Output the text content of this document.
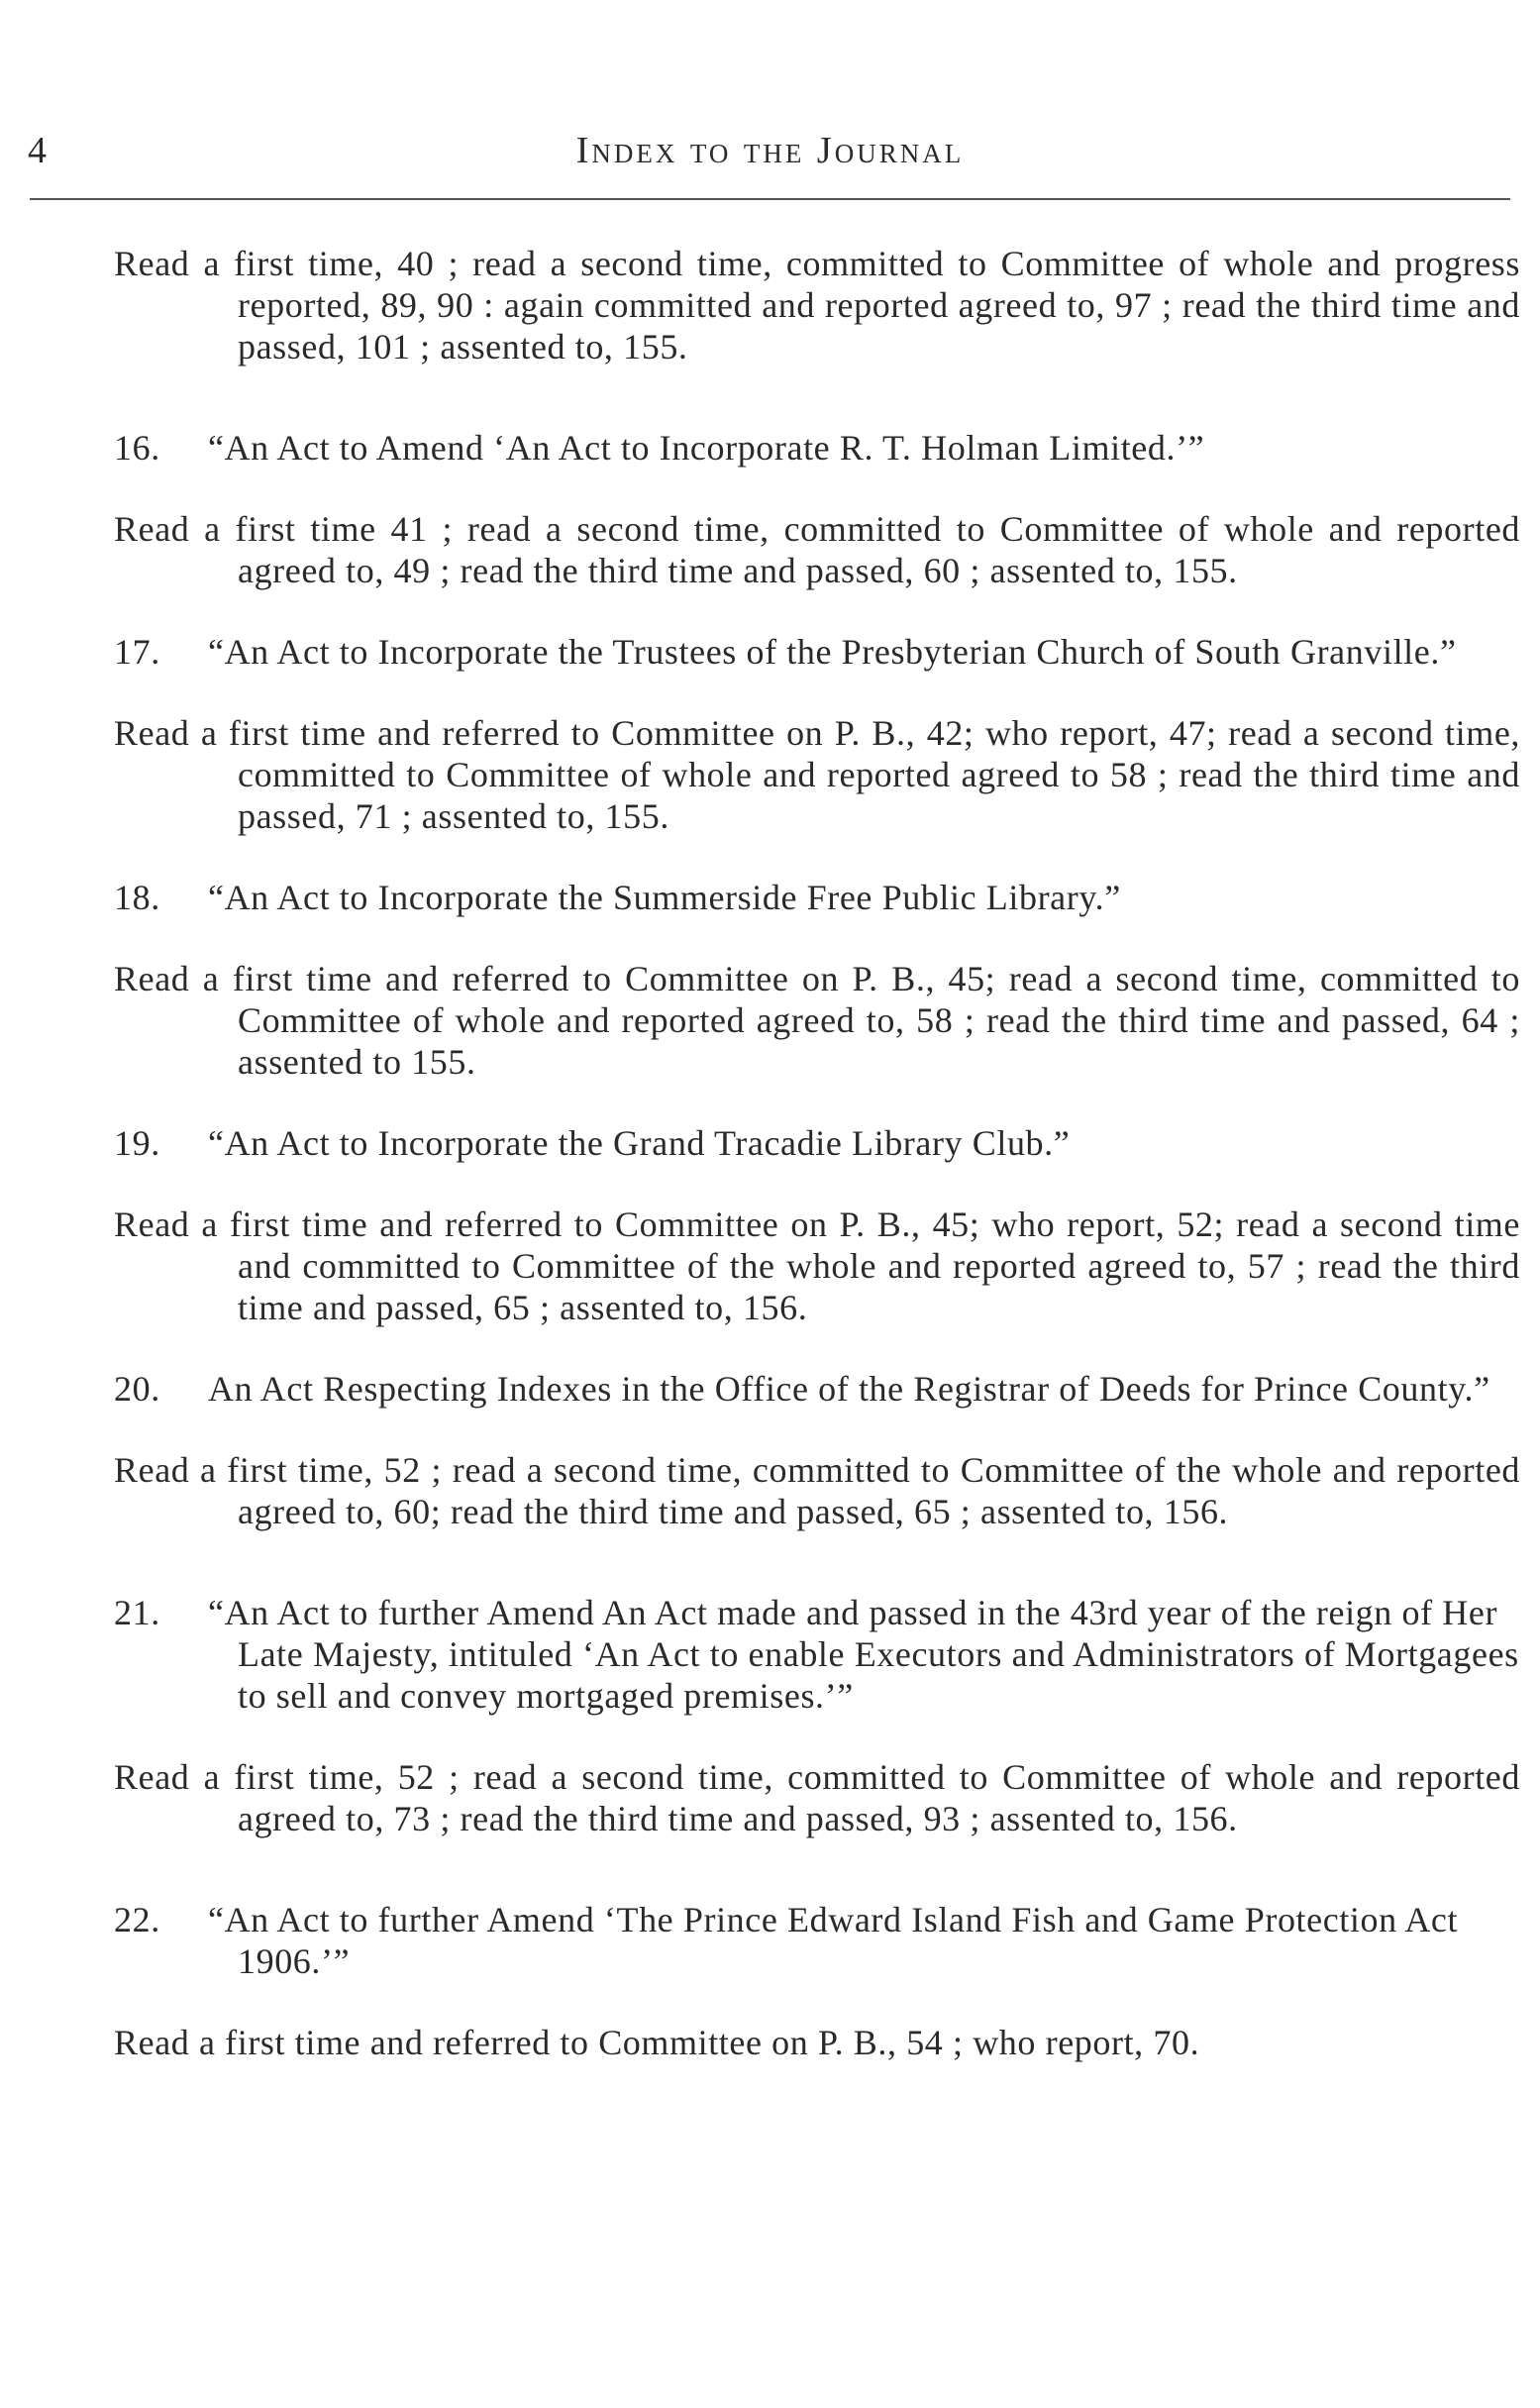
4	Index to the Journal

Read a first time, 40 ; read a second time, committed to Committee of whole and progress reported, 89, 90 : again committed and reported agreed to, 97 ; read the third time and passed, 101 ; assented to, 155.

16. “An Act to Amend ‘An Act to Incorporate R. T. Holman Limited.’”

Read a first time 41 ; read a second time, committed to Committee of whole and reported agreed to, 49 ; read the third time and passed, 60 ; assented to, 155.

17. “An Act to Incorporate the Trustees of the Presbyterian Church of South Granville.”

Read a first time and referred to Committee on P. B., 42; who report, 47; read a second time, committed to Committee of whole and reported agreed to 58 ; read the third time and passed, 71 ; assented to, 155.

18. “An Act to Incorporate the Summerside Free Public Library.”

Read a first time and referred to Committee on P. B., 45; read a second time, committed to Committee of whole and reported agreed to, 58 ; read the third time and passed, 64 ; assented to 155.

19. “An Act to Incorporate the Grand Tracadie Library Club.”

Read a first time and referred to Committee on P. B., 45; who report, 52; read a second time and committed to Committee of the whole and reported agreed to, 57 ; read the third time and passed, 65 ; assented to, 156.

20. An Act Respecting Indexes in the Office of the Registrar of Deeds for Prince County.”

Read a first time, 52 ; read a second time, committed to Committee of the whole and reported agreed to, 60; read the third time and passed, 65 ; assented to, 156.

21. “An Act to further Amend An Act made and passed in the 43rd year of the reign of Her Late Majesty, intituled ‘An Act to enable Executors and Administrators of Mortgagees to sell and convey mortgaged premises.’”

Read a first time, 52 ; read a second time, committed to Committee of whole and reported agreed to, 73 ; read the third time and passed, 93 ; assented to, 156.

22. “An Act to further Amend ‘The Prince Edward Island Fish and Game Protection Act 1906.’”

Read a first time and referred to Committee on P. B., 54 ; who report, 70.
